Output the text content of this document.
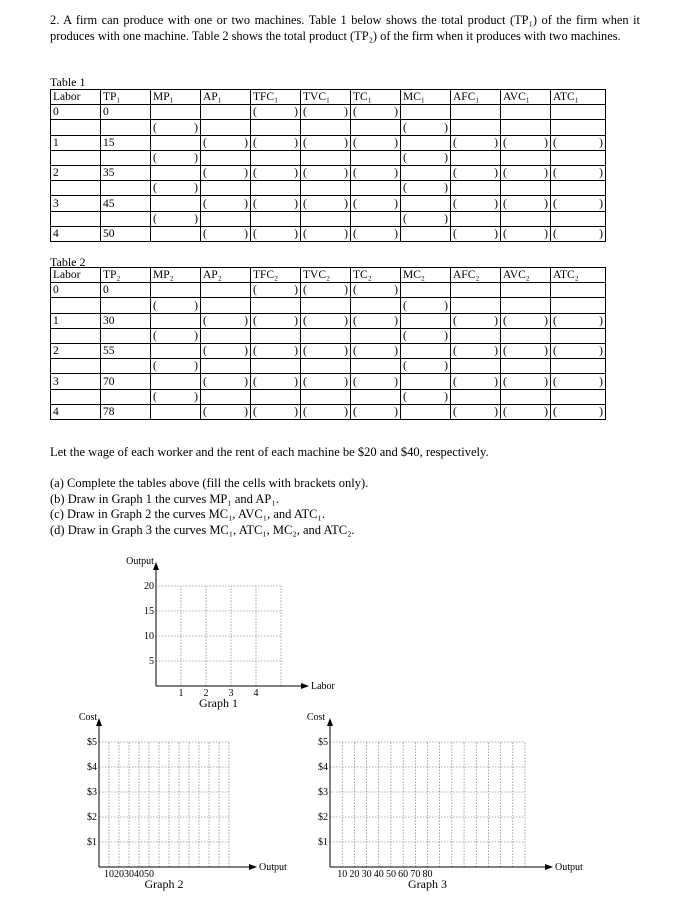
2. A firm can produce with one or two machines. Table 1 below shows the total product (TP₁) of the firm when it produces with one machine. Table 2 shows the total product (TP₂) of the firm when it produces with two machines.
Table 1
Labor	TP₁	MP₁	AP₁	TFC₁	TVC₁	TC₁	MC₁	AFC₁	AVC₁	ATC₁
0	0			( )	( )	( )				

		( )					( )			

1	15		( )	( )	( )	( )		( )	( )	( )

		( )					( )			

2	35		( )	( )	( )	( )		( )	( )	( )

		( )					( )			

3	45		( )	( )	( )	( )		( )	( )	( )

		( )					( )			

4	50		( )	( )	( )	( )		( )	( )	( )
Table 2
Labor	TP₂	MP₂	AP₂	TFC₂	TVC₂	TC₂	MC₂	AFC₂	AVC₂	ATC₂
0	0			( )	( )	( )				

		( )					( )			

1	30		( )	( )	( )	( )		( )	( )	( )

		( )					( )			

2	55		( )	( )	( )	( )		( )	( )	( )

		( )					( )			

3	70		( )	( )	( )	( )		( )	( )	( )

		( )					( )			

4	78		( )	( )	( )	( )		( )	( )	( )
Let the wage of each worker and the rent of each machine be $20 and $40, respectively.
(a) Complete the tables above (fill the cells with brackets only).
(b) Draw in Graph 1 the curves MP₁ and AP₁.
(c) Draw in Graph 2 the curves MC₁, AVC₁, and ATC₁.
(d) Draw in Graph 3 the curves MC₁, ATC₁, MC₂, and ATC₂.
5
10
15
20
1 2 3 4
Output
Labor
Graph 1
$1
$2
$3
$4
$5
10 20 30 40 50
Cost
Output
Graph 2
$1
$2
$3
$4
$5
10 20 30 40 50 60 70 80
Cost
Output
Graph 3
